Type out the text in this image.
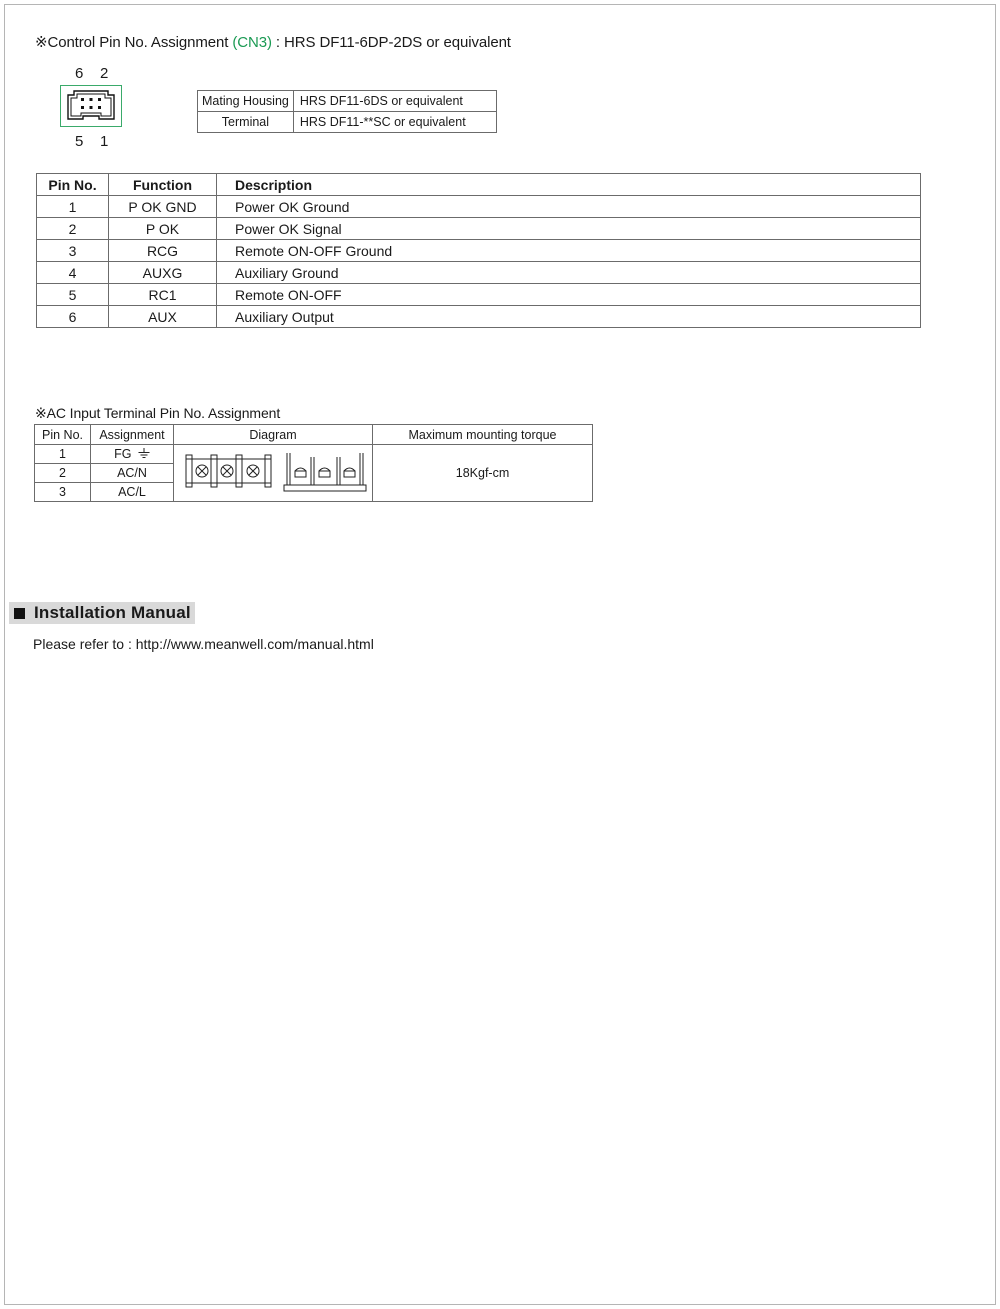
※Control Pin No. Assignment (CN3) : HRS DF11-6DP-2DS or equivalent
6 2
5 1
Mating Housing	HRS DF11-6DS or equivalent
Terminal	HRS DF11-**SC or equivalent
Pin No.	Function	Description
1	P OK GND	Power OK Ground
2	P OK	Power OK Signal
3	RCG	Remote ON-OFF Ground
4	AUXG	Auxiliary Ground
5	RC1	Remote ON-OFF
6	AUX	Auxiliary Output
※AC Input Terminal Pin No. Assignment
Pin No.	Assignment	Diagram	Maximum mounting torque
1	FG		18Kgf-cm
2	AC/N		
3	AC/L		
Installation Manual
Please refer to : http://www.meanwell.com/manual.html
